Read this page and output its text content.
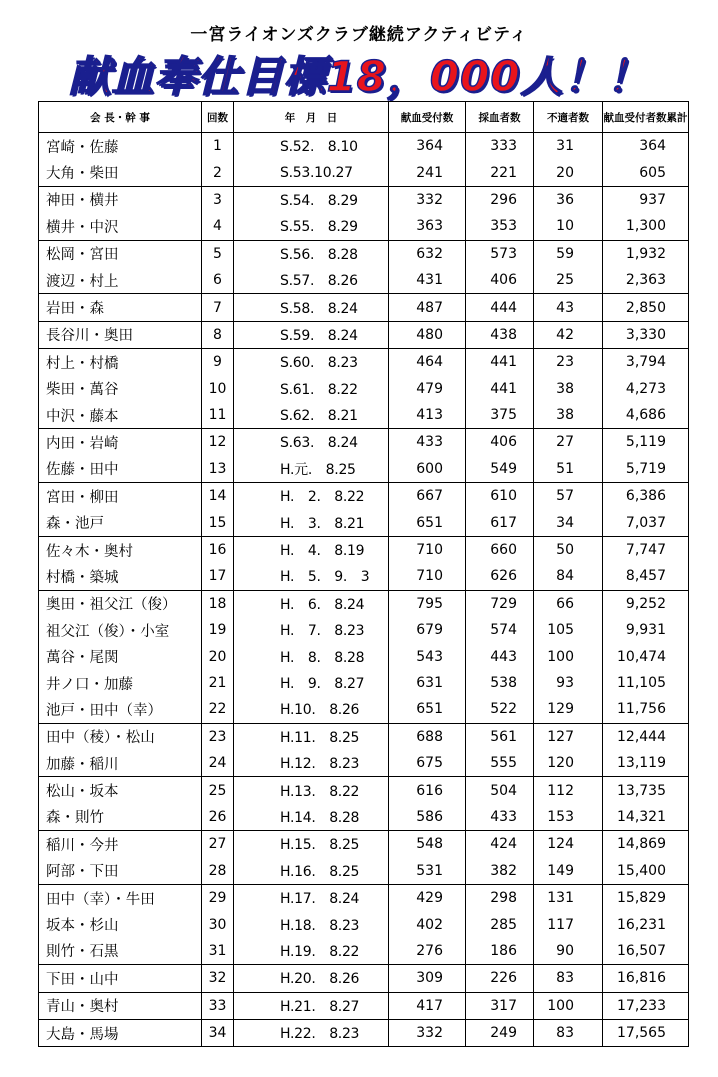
一宮ライオンズクラブ継続アクティビティ
献血奉仕目標18，000人！！
会 長・幹 事	回数	年　月　日	献血受付数	採血者数	不適者数	献血受付者数累計

宮崎・佐藤	1	S.52.　8.10	364	333	31	364

大角・柴田	2	S.53.10.27	241	221	20	605

神田・横井	3	S.54.　8.29	332	296	36	937

横井・中沢	4	S.55.　8.29	363	353	10	1,300

松岡・宮田	5	S.56.　8.28	632	573	59	1,932

渡辺・村上	6	S.57.　8.26	431	406	25	2,363

岩田・森	7	S.58.　8.24	487	444	43	2,850

長谷川・奥田	8	S.59.　8.24	480	438	42	3,330

村上・村橋	9	S.60.　8.23	464	441	23	3,794

柴田・萬谷	10	S.61.　8.22	479	441	38	4,273

中沢・藤本	11	S.62.　8.21	413	375	38	4,686

内田・岩崎	12	S.63.　8.24	433	406	27	5,119

佐藤・田中	13	H.元.　8.25	600	549	51	5,719

宮田・柳田	14	H.　2.　8.22	667	610	57	6,386

森・池戸	15	H.　3.　8.21	651	617	34	7,037

佐々木・奥村	16	H.　4.　8.19	710	660	50	7,747

村橋・築城	17	H.　5.　9.　3	710	626	84	8,457

奥田・祖父江（俊）	18	H.　6.　8.24	795	729	66	9,252

祖父江（俊）・小室	19	H.　7.　8.23	679	574	105	9,931

萬谷・尾関	20	H.　8.　8.28	543	443	100	10,474

井ノ口・加藤	21	H.　9.　8.27	631	538	93	11,105

池戸・田中（幸）	22	H.10.　8.26	651	522	129	11,756

田中（稜）・松山	23	H.11.　8.25	688	561	127	12,444

加藤・稲川	24	H.12.　8.23	675	555	120	13,119

松山・坂本	25	H.13.　8.22	616	504	112	13,735

森・則竹	26	H.14.　8.28	586	433	153	14,321

稲川・今井	27	H.15.　8.25	548	424	124	14,869

阿部・下田	28	H.16.　8.25	531	382	149	15,400

田中（幸）・牛田	29	H.17.　8.24	429	298	131	15,829

坂本・杉山	30	H.18.　8.23	402	285	117	16,231

則竹・石黒	31	H.19.　8.22	276	186	90	16,507

下田・山中	32	H.20.　8.26	309	226	83	16,816

青山・奥村	33	H.21.　8.27	417	317	100	17,233

大島・馬場	34	H.22.　8.23	332	249	83	17,565
